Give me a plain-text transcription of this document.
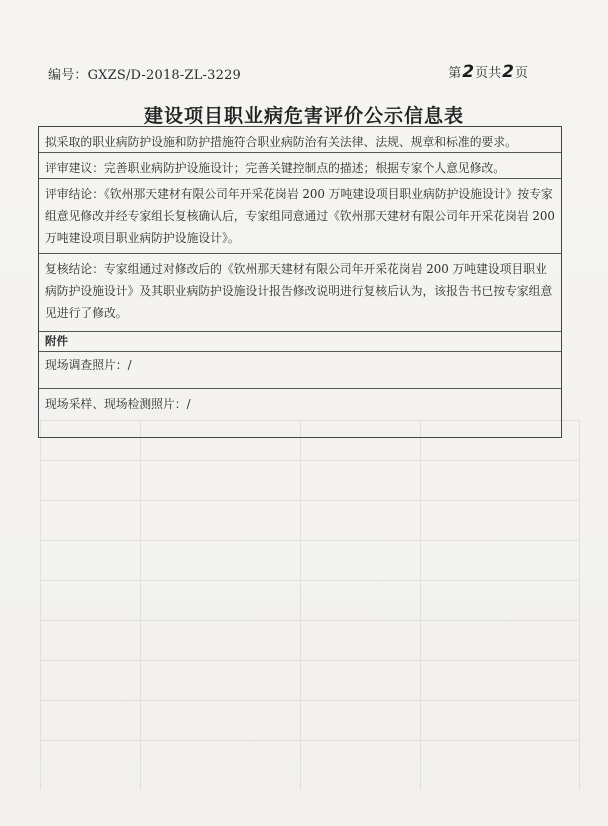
编号：GXZS/D-2018-ZL-3229	第2页共2页
建设项目职业病危害评价公示信息表
拟采取的职业病防护设施和防护措施符合职业病防治有关法律、法规、规章和标准的要求。
评审建议：完善职业病防护设施设计；完善关键控制点的描述；根据专家个人意见修改。
评审结论：《钦州那天建材有限公司年开采花岗岩 200 万吨建设项目职业病防护设施设计》按专家组意见修改并经专家组长复核确认后，专家组同意通过《钦州那天建材有限公司年开采花岗岩 200 万吨建设项目职业病防护设施设计》。
复核结论：专家组通过对修改后的《钦州那天建材有限公司年开采花岗岩 200 万吨建设项目职业病防护设施设计》及其职业病防护设施设计报告修改说明进行复核后认为，该报告书已按专家组意见进行了修改。
附件
现场调查照片：/
现场采样、现场检测照片：/
